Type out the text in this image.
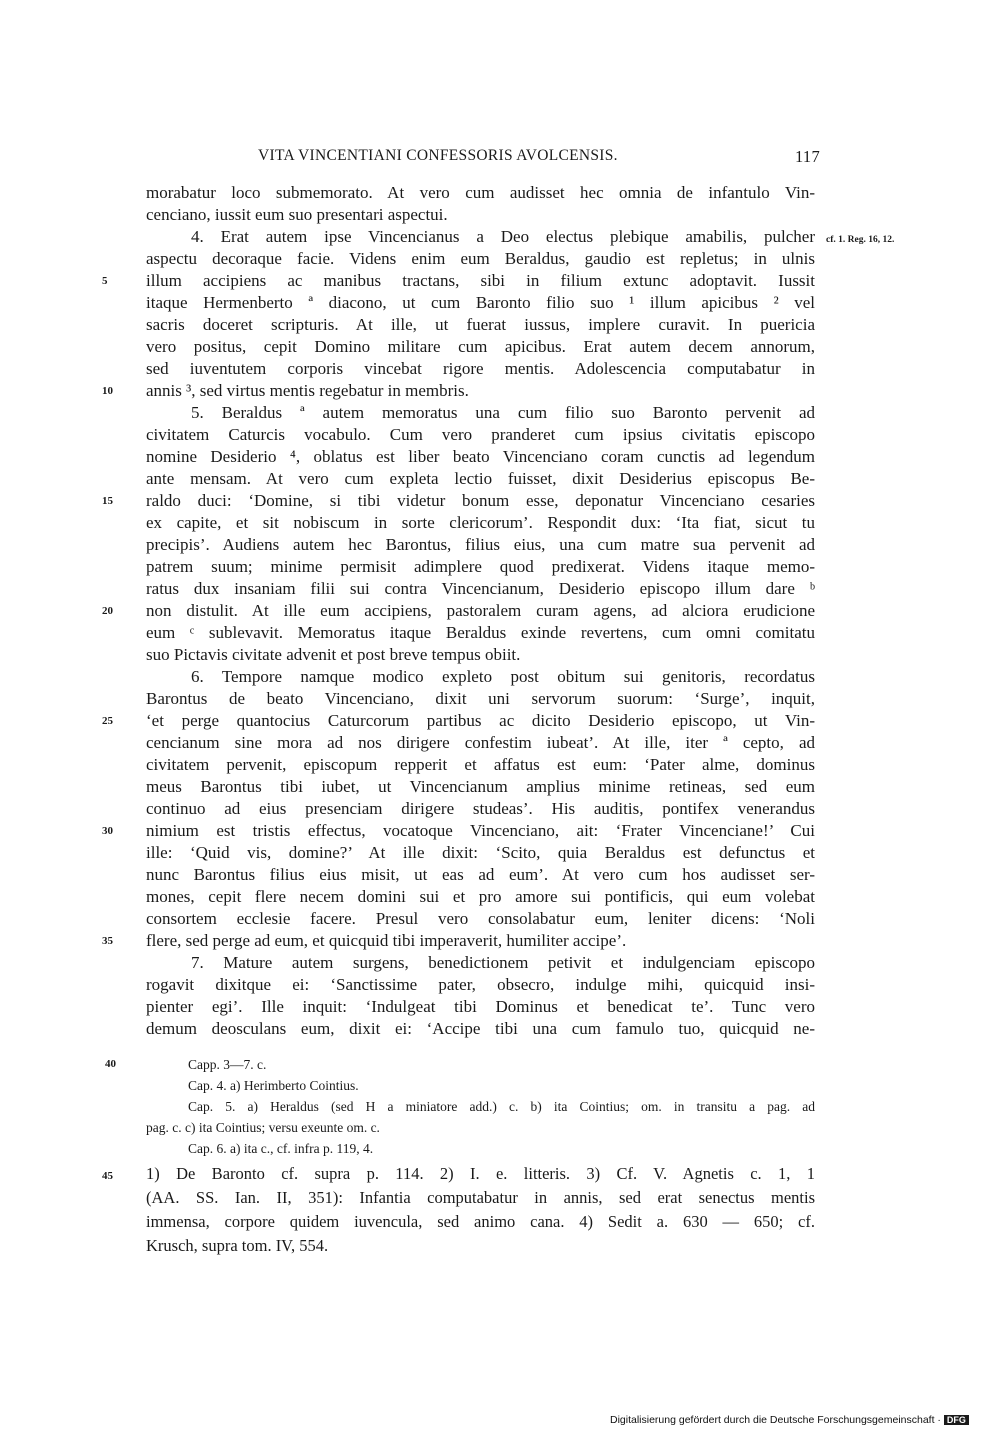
VITA VINCENTIANI CONFESSORIS AVOLCENSIS.	117
cf. 1. Reg. 16, 12.
morabatur loco submemorato. At vero cum audisset hec omnia de infantulo Vin-
cenciano, iussit eum suo presentari aspectui.
4. Erat autem ipse Vincencianus a Deo electus plebique amabilis, pulcher
aspectu decoraque facie. Videns enim eum Beraldus, gaudio est repletus; in ulnis
5	illum accipiens ac manibus tractans, sibi in filium extunc adoptavit. Iussit
itaque Hermenberto ª diacono, ut cum Baronto filio suo ¹ illum apicibus ² vel
sacris doceret scripturis. At ille, ut fuerat iussus, implere curavit. In puericia
vero positus, cepit Domino militare cum apicibus. Erat autem decem annorum,
sed iuventutem corporis vincebat rigore mentis. Adolescencia computabatur in
10 annis ³, sed virtus mentis regebatur in membris.
5. Beraldus ª autem memoratus una cum filio suo Baronto pervenit ad
civitatem Caturcis vocabulo. Cum vero pranderet cum ipsius civitatis episcopo
nomine Desiderio ⁴, oblatus est liber beato Vincenciano coram cunctis ad legendum
ante mensam. At vero cum expleta lectio fuisset, dixit Desiderius episcopus Be-
15 raldo duci: ‘Domine, si tibi videtur bonum esse, deponatur Vincenciano cesaries
ex capite, et sit nobiscum in sorte clericorum’. Respondit dux: ‘Ita fiat, sicut tu
precipis’. Audiens autem hec Barontus, filius eius, una cum matre sua pervenit ad
patrem suum; minime permisit adimplere quod predixerat. Videns itaque memo-
ratus dux insaniam filii sui contra Vincencianum, Desiderio episcopo illum dare ᵇ
20 non distulit. At ille eum accipiens, pastoralem curam agens, ad alciora erudicione
eum ᶜ sublevavit. Memoratus itaque Beraldus exinde revertens, cum omni comitatu
suo Pictavis civitate advenit et post breve tempus obiit.
6. Tempore namque modico expleto post obitum sui genitoris, recordatus
Barontus de beato Vincenciano, dixit uni servorum suorum: ‘Surge’, inquit,
25 ‘et perge quantocius Caturcorum partibus ac dicito Desiderio episcopo, ut Vin-
cencianum sine mora ad nos dirigere confestim iubeat’. At ille, iter ª cepto, ad
civitatem pervenit, episcopum repperit et affatus est eum: ‘Pater alme, dominus
meus Barontus tibi iubet, ut Vincencianum amplius minime retineas, sed eum
continuo ad eius presenciam dirigere studeas’. His auditis, pontifex venerandus
30 nimium est tristis effectus, vocatoque Vincenciano, ait: ‘Frater Vincenciane!’ Cui
ille: ‘Quid vis, domine?’ At ille dixit: ‘Scito, quia Beraldus est defunctus et
nunc Barontus filius eius misit, ut eas ad eum’. At vero cum hos audisset ser-
mones, cepit flere necem domini sui et pro amore sui pontificis, qui eum volebat
consortem ecclesie facere. Presul vero consolabatur eum, leniter dicens: ‘Noli
35 flere, sed perge ad eum, et quicquid tibi imperaverit, humiliter accipe’.
7. Mature autem surgens, benedictionem petivit et indulgenciam episcopo
rogavit dixitque ei: ‘Sanctissime pater, obsecro, indulge mihi, quicquid insi-
pienter egi’. Ille inquit: ‘Indulgeat tibi Dominus et benedicat te’. Tunc vero
demum deosculans eum, dixit ei: ‘Accipe tibi una cum famulo tuo, quicquid ne-
40	Capp. 3—7. c.
Cap. 4. a) Herimberto Cointius.
Cap. 5. a) Heraldus (sed H a miniatore add.) c. b) ita Cointius; om. in transitu a pag. ad
pag. c. c) ita Cointius; versu exeunte om. c.
Cap. 6. a) ita c., cf. infra p. 119, 4.
45 1) De Baronto cf. supra p. 114. 2) I. e. litteris. 3) Cf. V. Agnetis c. 1, 1
(AA. SS. Ian. II, 351): Infantia computabatur in annis, sed erat senectus mentis
immensa, corpore quidem iuvencula, sed animo cana. 4) Sedit a. 630 — 650; cf.
Krusch, supra tom. IV, 554.
Digitalisierung gefördert durch die Deutsche Forschungsgemeinschaft · DFG
